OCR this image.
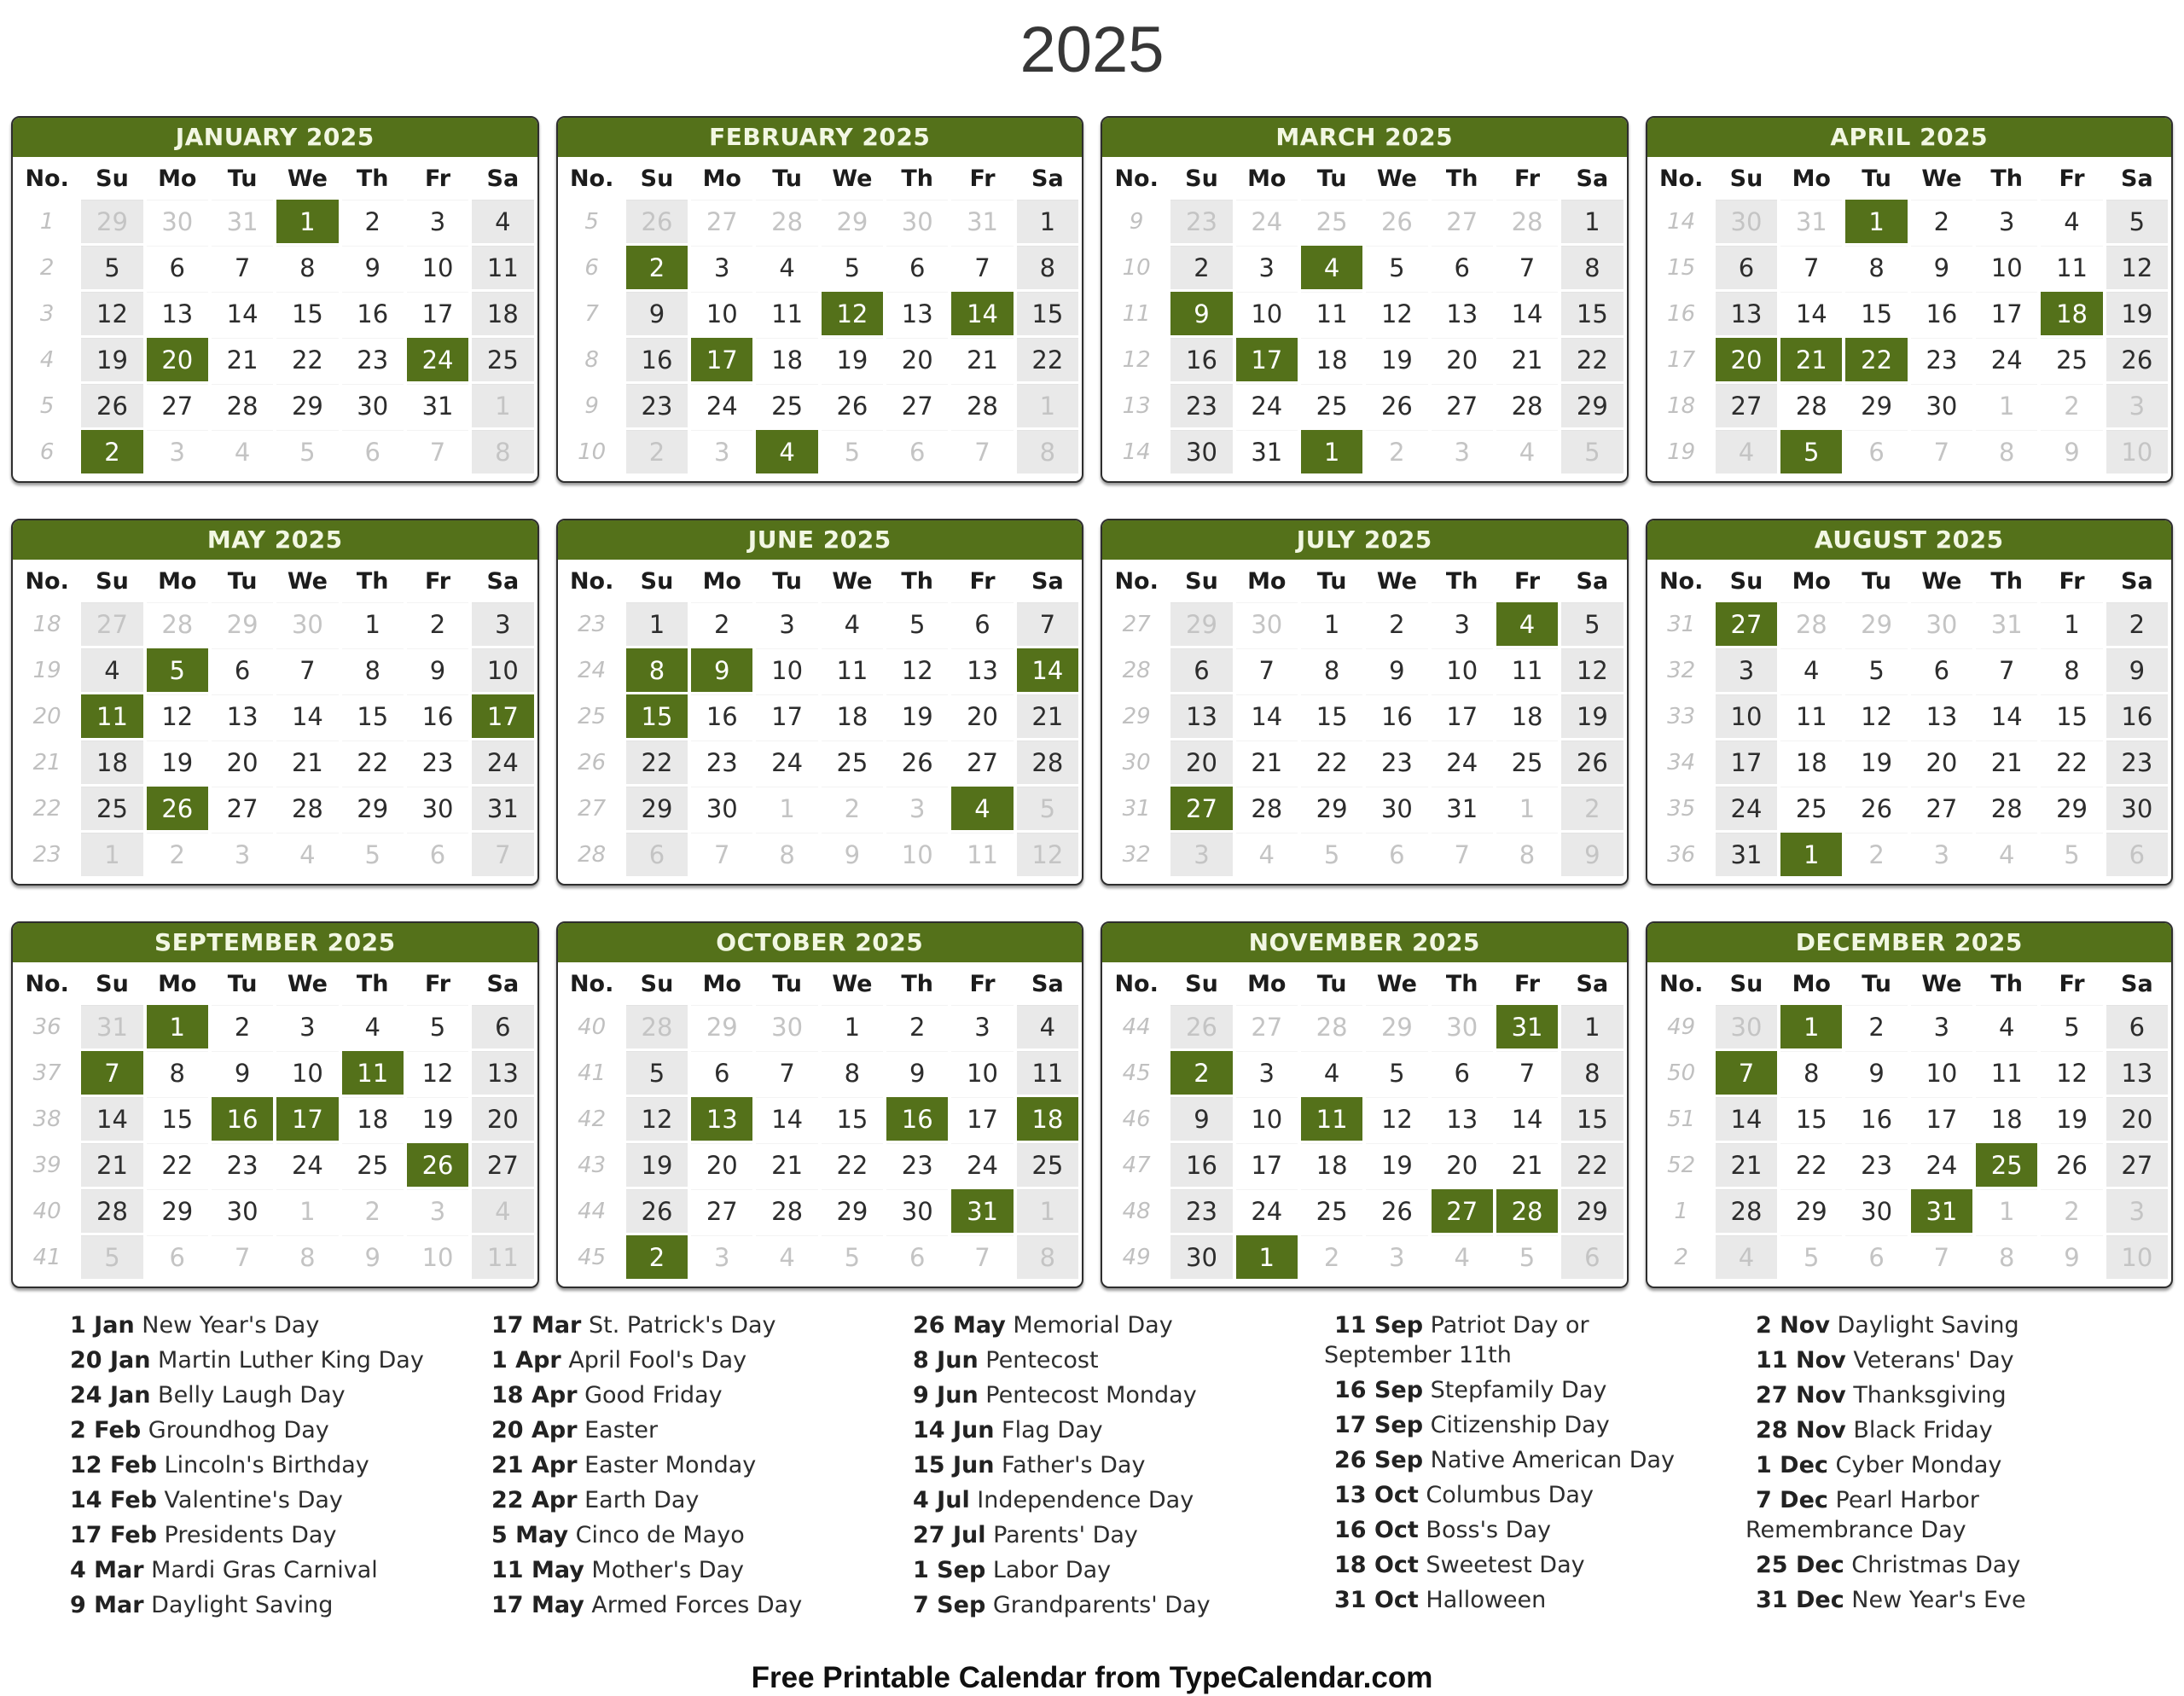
2025
JANUARY 2025
No.	Su	Mo	Tu	We	Th	Fr	Sa
1	29	30	31	1	2	3	4
2	5	6	7	8	9	10	11
3	12	13	14	15	16	17	18
4	19	20	21	22	23	24	25
5	26	27	28	29	30	31	1
6	2	3	4	5	6	7	8
FEBRUARY 2025
No.	Su	Mo	Tu	We	Th	Fr	Sa
5	26	27	28	29	30	31	1
6	2	3	4	5	6	7	8
7	9	10	11	12	13	14	15
8	16	17	18	19	20	21	22
9	23	24	25	26	27	28	1
10	2	3	4	5	6	7	8
MARCH 2025
No.	Su	Mo	Tu	We	Th	Fr	Sa
9	23	24	25	26	27	28	1
10	2	3	4	5	6	7	8
11	9	10	11	12	13	14	15
12	16	17	18	19	20	21	22
13	23	24	25	26	27	28	29
14	30	31	1	2	3	4	5
APRIL 2025
No.	Su	Mo	Tu	We	Th	Fr	Sa
14	30	31	1	2	3	4	5
15	6	7	8	9	10	11	12
16	13	14	15	16	17	18	19
17	20	21	22	23	24	25	26
18	27	28	29	30	1	2	3
19	4	5	6	7	8	9	10
MAY 2025
No.	Su	Mo	Tu	We	Th	Fr	Sa
18	27	28	29	30	1	2	3
19	4	5	6	7	8	9	10
20	11	12	13	14	15	16	17
21	18	19	20	21	22	23	24
22	25	26	27	28	29	30	31
23	1	2	3	4	5	6	7
JUNE 2025
No.	Su	Mo	Tu	We	Th	Fr	Sa
23	1	2	3	4	5	6	7
24	8	9	10	11	12	13	14
25	15	16	17	18	19	20	21
26	22	23	24	25	26	27	28
27	29	30	1	2	3	4	5
28	6	7	8	9	10	11	12
JULY 2025
No.	Su	Mo	Tu	We	Th	Fr	Sa
27	29	30	1	2	3	4	5
28	6	7	8	9	10	11	12
29	13	14	15	16	17	18	19
30	20	21	22	23	24	25	26
31	27	28	29	30	31	1	2
32	3	4	5	6	7	8	9
AUGUST 2025
No.	Su	Mo	Tu	We	Th	Fr	Sa
31	27	28	29	30	31	1	2
32	3	4	5	6	7	8	9
33	10	11	12	13	14	15	16
34	17	18	19	20	21	22	23
35	24	25	26	27	28	29	30
36	31	1	2	3	4	5	6
SEPTEMBER 2025
No.	Su	Mo	Tu	We	Th	Fr	Sa
36	31	1	2	3	4	5	6
37	7	8	9	10	11	12	13
38	14	15	16	17	18	19	20
39	21	22	23	24	25	26	27
40	28	29	30	1	2	3	4
41	5	6	7	8	9	10	11
OCTOBER 2025
No.	Su	Mo	Tu	We	Th	Fr	Sa
40	28	29	30	1	2	3	4
41	5	6	7	8	9	10	11
42	12	13	14	15	16	17	18
43	19	20	21	22	23	24	25
44	26	27	28	29	30	31	1
45	2	3	4	5	6	7	8
NOVEMBER 2025
No.	Su	Mo	Tu	We	Th	Fr	Sa
44	26	27	28	29	30	31	1
45	2	3	4	5	6	7	8
46	9	10	11	12	13	14	15
47	16	17	18	19	20	21	22
48	23	24	25	26	27	28	29
49	30	1	2	3	4	5	6
DECEMBER 2025
No.	Su	Mo	Tu	We	Th	Fr	Sa
49	30	1	2	3	4	5	6
50	7	8	9	10	11	12	13
51	14	15	16	17	18	19	20
52	21	22	23	24	25	26	27
1	28	29	30	31	1	2	3
2	4	5	6	7	8	9	10

1 Jan New Year's Day

20 Jan Martin Luther King Day

24 Jan Belly Laugh Day

2 Feb Groundhog Day

12 Feb Lincoln's Birthday

14 Feb Valentine's Day

17 Feb Presidents Day

4 Mar Mardi Gras Carnival

9 Mar Daylight Saving

17 Mar St. Patrick's Day

1 Apr April Fool's Day

18 Apr Good Friday

20 Apr Easter

21 Apr Easter Monday

22 Apr Earth Day

5 May Cinco de Mayo

11 May Mother's Day

17 May Armed Forces Day

26 May Memorial Day

8 Jun Pentecost

9 Jun Pentecost Monday

14 Jun Flag Day

15 Jun Father's Day

4 Jul Independence Day

27 Jul Parents' Day

1 Sep Labor Day

7 Sep Grandparents' Day

11 Sep Patriot Day or September 11th

16 Sep Stepfamily Day

17 Sep Citizenship Day

26 Sep Native American Day

13 Oct Columbus Day

16 Oct Boss's Day

18 Oct Sweetest Day

31 Oct Halloween

2 Nov Daylight Saving

11 Nov Veterans' Day

27 Nov Thanksgiving

28 Nov Black Friday

1 Dec Cyber Monday

7 Dec Pearl Harbor Remembrance Day

25 Dec Christmas Day

31 Dec New Year's Eve

Free Printable Calendar from TypeCalendar.com
